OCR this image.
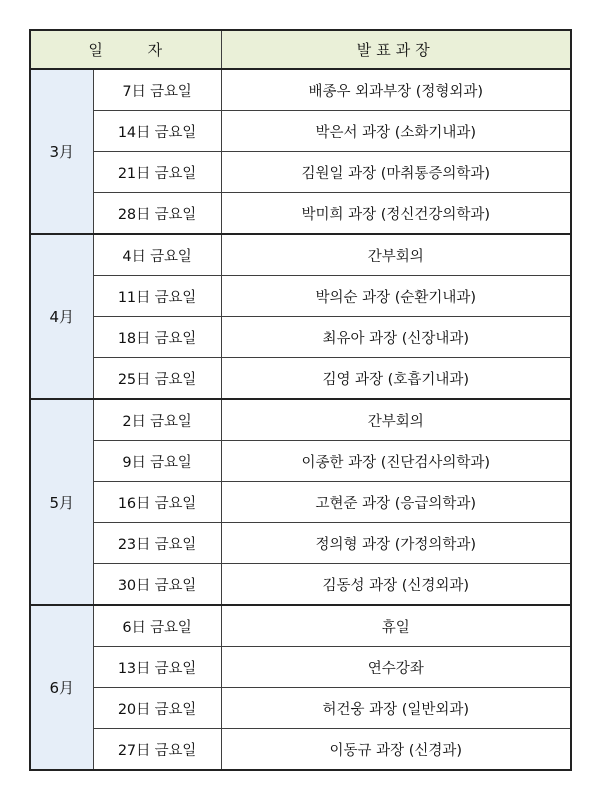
일 자		발표과장
3月	7日 금요일	배종우 외과부장 (정형외과)
	14日 금요일	박은서 과장 (소화기내과)
	21日 금요일	김원일 과장 (마취통증의학과)
	28日 금요일	박미희 과장 (정신건강의학과)
4月	4日 금요일	간부회의
	11日 금요일	박의순 과장 (순환기내과)
	18日 금요일	최유아 과장 (신장내과)
	25日 금요일	김영 과장 (호흡기내과)
5月	2日 금요일	간부회의
	9日 금요일	이종한 과장 (진단검사의학과)
	16日 금요일	고현준 과장 (응급의학과)
	23日 금요일	정의형 과장 (가정의학과)
	30日 금요일	김동성 과장 (신경외과)
6月	6日 금요일	휴일
	13日 금요일	연수강좌
	20日 금요일	허건웅 과장 (일반외과)
	27日 금요일	이동규 과장 (신경과)
